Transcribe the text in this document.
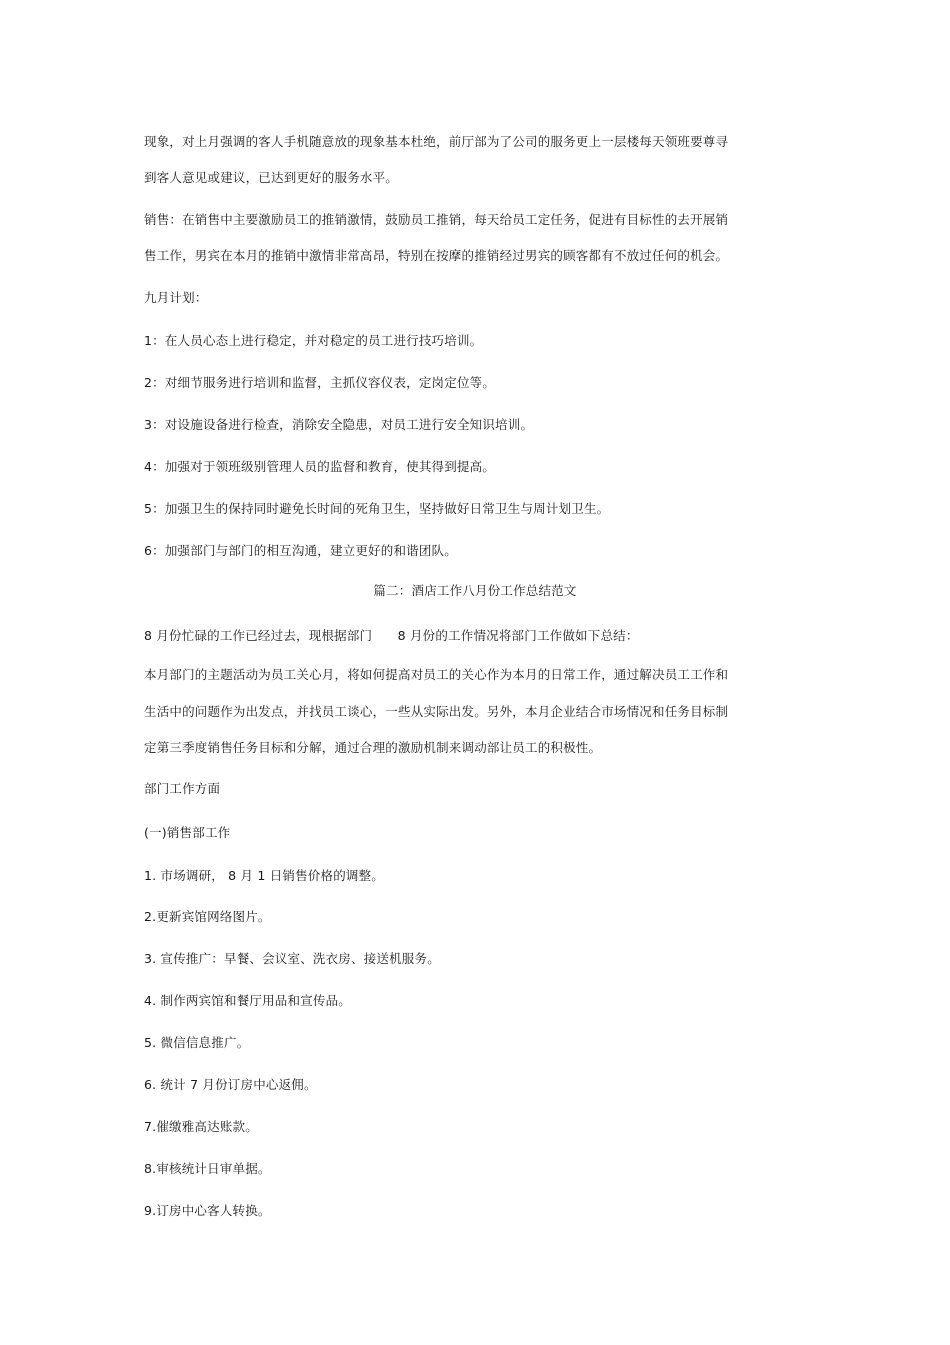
现象，对上月强调的客人手机随意放的现象基本杜绝，前厅部为了公司的服务更上一层楼每天领班要尊寻
到客人意见或建议，已达到更好的服务水平。
销售：在销售中主要激励员工的推销激情，鼓励员工推销，每天给员工定任务，促进有目标性的去开展销
售工作，男宾在本月的推销中激情非常高昂，特别在按摩的推销经过男宾的顾客都有不放过任何的机会。
九月计划：
1：在人员心态上进行稳定，并对稳定的员工进行技巧培训。
2：对细节服务进行培训和监督，主抓仪容仪表，定岗定位等。
3：对设施设备进行检查，消除安全隐患，对员工进行安全知识培训。
4：加强对于领班级别管理人员的监督和教育，使其得到提高。
5：加强卫生的保持同时避免长时间的死角卫生，坚持做好日常卫生与周计划卫生。
6：加强部门与部门的相互沟通，建立更好的和谐团队。
篇二：酒店工作八月份工作总结范文
8 月份忙碌的工作已经过去，现根据部门　　8 月份的工作情况将部门工作做如下总结：
本月部门的主题活动为员工关心月，将如何提高对员工的关心作为本月的日常工作，通过解决员工工作和
生活中的问题作为出发点，并找员工谈心，一些从实际出发。另外，本月企业结合市场情况和任务目标制
定第三季度销售任务目标和分解，通过合理的激励机制来调动部让员工的积极性。
部门工作方面
(一)销售部工作
1. 市场调研， 8 月 1 日销售价格的调整。
2.更新宾馆网络图片。
3. 宣传推广：早餐、会议室、洗衣房、接送机服务。
4. 制作两宾馆和餐厅用品和宣传品。
5. 微信信息推广。
6. 统计 7 月份订房中心返佣。
7.催缴雅高达账款。
8.审核统计日审单据。
9.订房中心客人转换。
